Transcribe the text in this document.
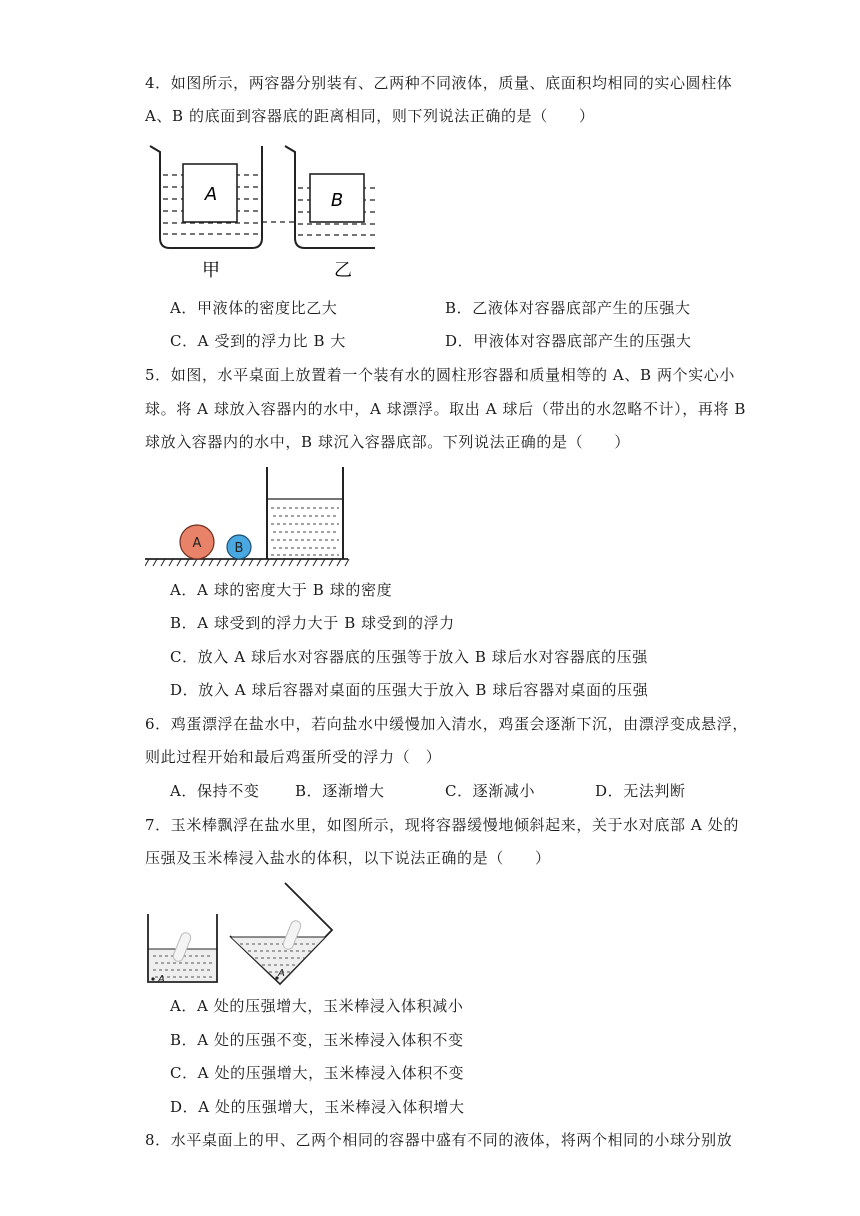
4．如图所示，两容器分别装有、乙两种不同液体，质量、底面积均相同的实心圆柱体
A、B 的底面到容器底的距离相同，则下列说法正确的是（　　）
A	B
甲	乙
A．甲液体的密度比乙大	B．乙液体对容器底部产生的压强大
C．A 受到的浮力比 B 大	D．甲液体对容器底部产生的压强大
5．如图，水平桌面上放置着一个装有水的圆柱形容器和质量相等的 A、B 两个实心小
球。将 A 球放入容器内的水中，A 球漂浮。取出 A 球后（带出的水忽略不计），再将 B
球放入容器内的水中，B 球沉入容器底部。下列说法正确的是（　　）
A	B
A．A 球的密度大于 B 球的密度
B．A 球受到的浮力大于 B 球受到的浮力
C．放入 A 球后水对容器底的压强等于放入 B 球后水对容器底的压强
D．放入 A 球后容器对桌面的压强大于放入 B 球后容器对桌面的压强
6．鸡蛋漂浮在盐水中，若向盐水中缓慢加入清水，鸡蛋会逐渐下沉，由漂浮变成悬浮，
则此过程开始和最后鸡蛋所受的浮力（　）
A．保持不变 B．逐渐增大	C．逐渐减小	D．无法判断
7．玉米棒飘浮在盐水里，如图所示，现将容器缓慢地倾斜起来，关于水对底部 A 处的
压强及玉米棒浸入盐水的体积，以下说法正确的是（　　）
A
A
A．A 处的压强增大，玉米棒浸入体积减小
B．A 处的压强不变，玉米棒浸入体积不变
C．A 处的压强增大，玉米棒浸入体积不变
D．A 处的压强增大，玉米棒浸入体积增大
8．水平桌面上的甲、乙两个相同的容器中盛有不同的液体，将两个相同的小球分别放
